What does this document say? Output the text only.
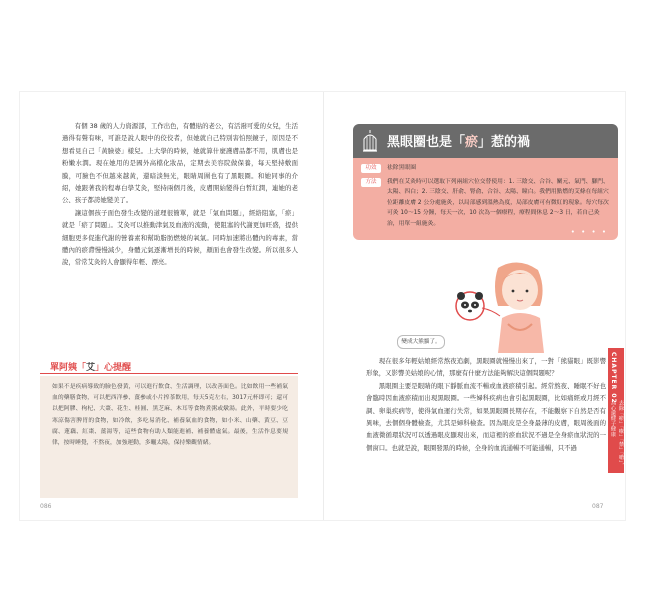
有個 38 歲的人力資源部，工作出色，有體貼的老公，有活潑可愛的女兒，生活過得有聲有味，可誰是說人眼中的佼佼者，但她就自己特別害怕照鏡子，原因是不想看見自己「黃臉婆」樣兒。上大學的時候，她就算什麼護膚品都不用，肌膚也是粉嫩水潤。現在她用的是國外高檔化妝品，定期去美容院做保養，每天堅持敷面膜，可臉色不但越來越黃，還暗淡無光，眼睛周圍也有了黑眼圈。和她同事的介紹，她跟著我的程專白學艾灸，堅持兩個月後，皮膚開始變得白皙紅潤，連她的老公、孩子都誇她變美了。

讓這個孩子面色發生改變的道理很簡單，就是「氣血問題」，經絡阻塞，「瘀」就是「瘀了問題」。艾灸可以推動津氣及血液的流動，使阻塞的代謝更加旺盛，提供細胞更多促進代謝的營養素和幫助脂肪燃燒的氧氣。同時加速將出體內的毒素，當體內的瘀滯慢慢減少，身體元氣逐漸增長的時候，顏面也會發生改變。所以很多人說，常常艾灸的人會顯得年輕、漂亮。

單阿姨「艾」心提醒
如果不是疾病導致的臉色發黃，可以進行飲食、生活調理，以改善面色。比如飲用一些補氣血的藥膳食物，可以把西洋參、薑參或小片搾茶飲用，每天5克左右，3017元杯即可；還可以把阿膠、枸杞、大棗、花生、桂圓、黑芝麻、木耳等食物煮粥或燉湯。此外，平時要少吃寒涼傷害脾胃的食物，如冷飲，多吃易消化、補養氣血的食物，如小米、山藥、黃豆、豆腐、蓮藕、紅棗、薑湯等，這些食物有助人類能進補、補養體虛氣。最後，生活作息要規律，按時睡覺，不熬夜，加強運動，多曬太陽，保持樂觀情緒。
086
黑眼圈也是「瘀」惹的禍
功效	祛除黑眼圈
方法	我們在艾灸時可以選取下列兩組穴位交替使用：1. 三陰交、合谷、關元、氣門、腳門、太陽、四白；2. 三陰交、肝俞、腎俞、合谷、太陽、瞳白。我們用點燃的艾條在每組穴位距離皮膚 2 公分處施灸，以局部感到溫熱為度，局部皮膚可有微紅的現象。每穴每次可灸 10～15 分鐘，每天一次，10 次為一個療程，療程間休息 2～3 日，若自己灸治，用單一組施灸。
• • • •
變成大熊貓了。

現在很多年輕姑娘經常熬夜追劇，黑眼圈就慢慢出來了，一對「熊貓眼」既影響形象，又影響美姑娘的心情，那麼有什麼方法能夠解決這個問題呢？

黑眼圈主要是眼睛的眼下靜脈血流不暢或血液瘀積引起。經常熬夜、睡眠不好也會臨時因血液瘀積而出現黑眼圈。一些婦科疾病也會引起黑眼圈，比如痛經或月經不調、卵巢疾病等，使得氣血運行失常，如果黑眼圈長期存在，不能觀察下自然是否有異味，去個個身體檢查，尤其是婦科檢查。因為眼皮是全身最薄的皮膚，眼周後面的血液微循環狀況可以透過眼皮顯現出來，而這裡的瘀血狀況不過是全身瘀血狀況的一個窗口。也就是說，眼圈發黑的時候，全身的血流通暢不可能通暢，只不過

087
CHAPTER 02
去除「瘀」「療」「禁」「嗆」，為心還健子健康
